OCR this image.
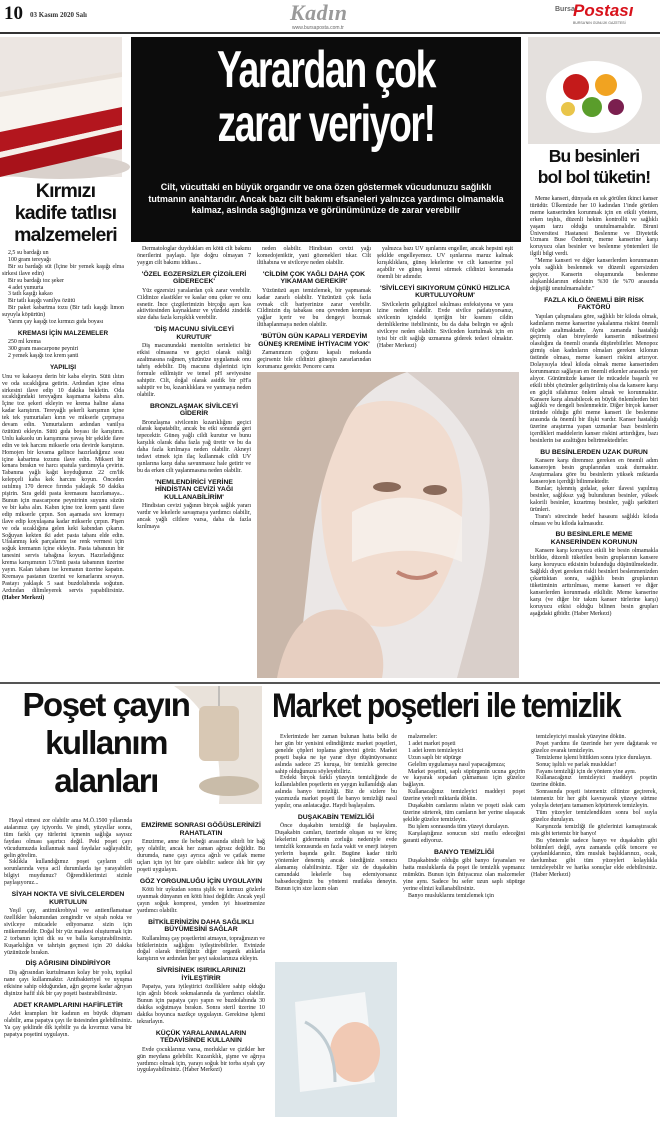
10 03 Kasım 2020 Salı	Kadın
www.bursaposta.com.tr
Bursa
Postası
BURSA'NIN GÜNLÜK GAZETESİ
Kırmızı
kadife tatlısı
malzemeleri

2,5 su bardağı un

100 gram tereyağı

Bir su bardağı süt (İçine bir yemek kaşığı elma sirkesi ilave edin)

Bir su bardağı toz şeker

4 adet yumurta

3 tatlı kaşığı kakao

Bir tatlı kaşığı vanilya özütü

Bir paket kabartma tozu (Bir tatlı kaşığı limon suyuyla köpürtün)

Yarım çay kaşığı toz kırmızı gıda boyası

KREMASI İÇİN MALZEMELER

250 ml krema

300 gram mascarpone peyniri

2 yemek kaşığı toz krem şanti

YAPILIŞI

Unu ve kakaoyu derin bir kaba eleyin. Sütü ılıtın ve oda sıcaklığına getirin. Ardından içine elma sirkesini ilave edip 10 dakika bekletin. Oda sıcaklığındaki tereyağını kaşımama kabına alın. İçine toz şekeri ekleyin ve krema haline alana kadar karıştırın. Tereyağlı şekerli karışımın içine tek tek yumurtaları kırın ve mikserle çırpmaya devam edin. Yumurtaların ardından vanilya özütünü ekleyin. Sütü gıda boyası ile karıştırın. Unlu kakaolu un karışımına yavaş bir şekilde ilave edin ve tek harcını mikserle orta devirde karıştırın. Homojen bir kıvama gelince hazırladığınız sosu içine kabartma tozunu ilave edin. Mikseri bir kenara bırakın ve harcı spatula yardımıyla çevirin. Tabanına yağlı kağıt koyduğunuz 22 cm'lik kelepçeli kaba kek harcını koyun. Önceden ısıtılmış 170 derece fırında yaklaşık 50 dakika pişirin. Sıra geldi pasta kremasını hazırlamaya... Bunun için mascarpone peynirinin suyunu süzün ve bir kaba alın. Kabın içine toz krem şanti ilave edip mikserle çırpın. Son aşamada sıvı kremayı ilave edip koyulaşana kadar mikserle çırpın. Pişen ve oda sıcaklığına gelen keki kabından çıkarın. Soğuyan kekten iki adet pasta tabanı elde edin. Ufalanmış kek parçalarını ise renk vermesi için soğuk kremanın içine ekleyin. Pasta tabanının bir tanesini servis tabağına koyun. Hazırladığınız krema karışımının 1/3'ünü pasta tabanının üzerine yayın. Kalan tabanı ise kremanın üzerine kapatın. Kremaya pastanın üzerini ve kenarlarını sıvayın. Pastayı yaklaşık 5 saat buzdolabında soğutun. Ardından dilimleyerek servis yapabilirsiniz. (Haber Merkezi)

Yarardan çok
zarar veriyor!
Cilt, vücuttaki en büyük organdır ve ona özen göstermek vücudunuzu sağlıklı tutmanın anahtarıdır. Ancak bazı cilt bakımı efsaneleri yalnızca yardımcı olmamakla kalmaz, aslında sağlığınıza ve görünümünüze de zarar verebilir

Dermatologlar duydukları en kötü cilt bakımı önerilerini paylaştı. İşte doğru olmayan 7 yaygın cilt bakımı iddiası...

'ÖZEL EGZERSİZLER ÇİZGİLERİ GİDERECEK'

Yüz egzersizi yaralardan çok zarar verebilir. Cildinize elastikler ve kaslar onu çeker ve onu esnetir. İnce çizgilerimizin birçoğu aşırı kas aktivitesinden kaynaklanır ve yüzdeki zindelik size daha fazla kırışıklık verebilir.

'DİŞ MACUNU SİVİLCEYİ KURUTUR'

Diş macunundaki mentolün serinletici bir etkisi olmasına ve geçici olarak sisliği azaltmasına rağmen, yüzünüze uygulamak onu tahriş edebilir. Diş macunu dişlerinizi için formule edilmiştir ve temel pH seviyesine sahiptir. Cilt, doğal olarak asidik bir pH'a sahiptir ve bu, kızarıklıklara ve yanmaya neden olabilir.

BRONZLAŞMAK SİVİLCEYİ GİDERİR

Bronzlaşma sivilcenin kızarıklığını geçici olarak kapatabilir, ancak bu etki sonunda geri tepecektir. Güneş yağlı cildi kurutur ve bunu karşılık olarak daha fazla yağ üretir ve bu da daha fazla kırılmaya neden olabilir. Akneyi tedavi etmek için ilaç kullanmak cildi UV ışınlarına karşı daha savunmasız hale getirir ve bu da erken cilt yaşlanmasına neden olabilir.

'NEMLENDİRİCİ YERİNE HİNDİSTAN CEVİZİ YAĞI KULLANABİLİRİM'

Hindistan cevizi yağının birçok sağlık yararı vardır ve lekelerle savaşmaya yardımcı olabilir, ancak yağlı ciltlere varsa, daha da fazla kırılmaya

neden olabilir. Hindistan cevizi yağı komedojeniktir, yani gözenekleri tıkar. Cilt iltihabına ve sivilceye neden olabilir.

'CİLDİM ÇOK YAĞLI DAHA ÇOK YIKAMAM GEREKİR'

Yüzünüzü aşırı temizlemek, bir yapmamak kadar zararlı olabilir. Yüzünüzü çok fazla ovmak cilt bariyerinize zarar verebilir. Cildinizin dış tabakası onu çevreden koruyan yağlar içerir ve bu dengeyi bozmak iltihaplanmaya neden olabilir.

'BÜTÜN GÜN KAPALI YERDEYİM GÜNEŞ KREMİNE İHTİYACIM YOK'

Zamanınızın çoğunu kapalı mekanda geçirseniz bile cildinizi güneşin zararlarından korumanız gerekir. Pencere camı

yalnızca bazı UV ışınlarını engeller, ancak hepsini eşit şekilde engelleyemez. UV ışınlarına maruz kalmak kırışıklıklara, güneş lekelerine ve cilt kanserine yol açabilir ve güneş kremi sürmek cildinizi korumada önemli bir adımdır.

'SİVİLCEYİ SIKIYORUM ÇÜNKÜ HIZLICA KURTULUYORUM'

Sivilcelerin gelişigüzel sıkılması enfeksiyona ve yara izine neden olabilir. Evde sivilce patlatıyorsanız, sivilcenin içindeki içeriğin bir kısmını cildin derinliklerine itebilirsiniz, bu da daha belirgin ve ağrılı sivilceye neden olabilir. Sivilceden kurtulmak için en iyisi bir cilt sağlığı uzmanına giderek tedavi olmaktır. (Haber Merkezi)

Bu besinleri
bol bol tüketin!

Meme kanseri, dünyada en sık görülen ikinci kanser türüdür. Ülkemizde her 10 kadından 1'inde görülen meme kanserinden korunmak için en etkili yöntem, erken teşhis, düzenli hekim kontrollü ve sağlıklı yaşam tarzı olduğu unutulmamalıdır. Biruni Üniversitesi Hastanesi Beslenme ve Diyetetik Uzmanı Buse Özdemir, meme kanserine karşı koruyucu olan besinler ve beslenme yöntemleri ile ilgili bilgi verdi.

"Meme kanseri ve diğer kanserlerden korunmanın yolu sağlıklı beslenmek ve düzenli egzersizden geçiyor. Kanserin oluşumunda beslenme alışkanlıklarının etkisinin %30 ile %70 arasında değiştiği unutulmamalıdır."

FAZLA KİLO ÖNEMLİ BİR RİSK FAKTÖRÜ

Yapılan çalışmalara göre, sağlıklı bir kiloda olmak, kadınların meme kanserine yakalanma riskini önemli ölçüde azaltmaktadır. Aynı zamanda hastalığı geçirmiş olan bireylerde kanserin nüksetmesi olasılığını da önemli oranda düşürebilirler. Menopoz girmiş olan kadınların olmaları gereken kilonun üstünde olması, meme kanseri riskini artırıyor. Dolayısıyla ideal kiloda olmak meme kanserinden korunmanızı sağlayan en önemli etkenler arasında yer alıyor. Günümüzde kanser ile mücadele başarılı ve etkili tıbbi çözümler geliştirilmiş olsa da kansere karşı en güçlü silahımız önlem almak ve korunmaktır. Kansere karşı alınabilecek en büyük önlemlerden biri sağlıklı ve dengeli beslenmektir. Diğer birçok kanser türünde olduğu gibi meme kanseri ile beslenme arasında da önemli bir ilişki vardır. Kanser hastalığı üzerine araştırma yapan uzmanlar bazı besinlerin içerdikleri maddelerin kanser riskini arttırdığını, bazı besinlerin ise azalttığını belirtmektedirler.

BU BESİNLERDEN UZAK DURUN

Kansere karşı direnmez gereken en önemli adım kanserojen besin gruplarından uzak durmaktır. Araştırmalara göre bu besinlerin yüksek miktarda kanserojen içerdiği bilinmektedir.

Bunlar; işlenmiş gıdalar, şeker ilavesi yapılmış besinler, sağlıksız yağ bulunduran besinler, yüksek kalorili besinler, kızartmış besinler, yağlı şarküteri ürünleri.

Trans'ı sürecinde hedef hasasını sağlıklı kiloda olması ve bu kiloda kalmasıdır.

BU BESİNLERLE MEME KANSERİNDEN KORUNUN

Kansere karşı koruyucu etkili bir besin olmamakla birlikte, düzenli tüketilen besin gruplarının kansere karşı koruyucu etkisinin bulunduğu düşünülmektedir. Sağlıklı diyet gereken riskli besinleri beslenmenizden çıkarttıktan sonra, sağlıklı besin gruplarının tüketiminin arttırılması, meme kanseri ve diğer kanserlerden korunmada etkilidir. Meme kanserine karşı (ve diğer bir takım kanser türlerine karşı) koruyucu etkisi olduğu bilinen besin grupları aşağıdaki gibidir. (Haber Merkezi)

Poşet çayın
kullanım
alanları

Hayal etmesi zor olabilir ama M.Ö.1500 yıllarında atalarımız çay içiyordu. Ve şimdi, yüzyıllar sonra, tüm farklı çay türlerini içmenin sağlığa sayısız faydası olması şaşırtıcı değil. Peki poşet çayı vücudumuzda kullanmak nasıl faydalar sağlayabilir, gelin görelim.

Sıklıkla kullandığımız poşet çayların cilt sorunlarında veya acil durumlarda işe yarayabilen bilgiyi muydunuz? Öğrendiklerimizi sizinle paylaşıyoruz...

SİYAH NOKTA VE SİVİLCELERDEN KURTULUN

Yeşil çay, antimikrobiyal ve antienflamatuar özellikler bakımından zengindir ve siyah nokta ve sivilceye mücadele ediyorsanız sizin için mükemmeldir. Doğal bir yüz maskesi oluşturmak için 2 torbanın içini dik su ve balla karıştırabilirsiniz. Kuşarkılığın ve tahrişin geçmesi için 20 dakika yüzünüzde bırakın.

DİŞ AĞRISINI DİNDİRİYOR

Diş ağrısından kurtulmanın kolay bir yolu, topikal nane çayı kullanmaktır. Antibakteriyel ve uyuşma etkisine sahip olduğundan, ağrı geçene kadar ağrıyan dişinize hafif ılık bir çay poşeti bastırabilirsiniz.

ADET KRAMPLARINI HAFİFLETİR

Adet krampları bir kadının en büyük düşmanı olabilir, ama papatya çayı ile üstesinden gelebilirsiniz. Ya çay şeklinde dik içebilir ya da kıvırmız varsa bir papatya poşetini uygulayın.

EMZİRME SONRASI GÖĞÜSLERİNİZİ RAHATLATIN

Emzirme, anne ile bebeği arasında sihirli bir bağ şey olabilir, ancak her zaman ağrısız değildir. Bu durumda, nane çayı ayrıca ağrılı ve çatlak meme uçları için iyi bir çare olabilir: sadece ılık bir çay poşeti uygulayın.

GÖZ YORGUNLUĞU İÇİN UYGULAYIN

Kötü bir uykudan sonra şişlik ve kırmızı gözlerle uyanmak dünyanın en kötü hissi değildir. Ancak yeşil çayın soğuk kompresi, yenden iyi hissetmenize yardımcı olabilir.

BİTKİLERİNİZİN DAHA SAĞLIKLI BÜYÜMESİNİ SAĞLAR

Kullanılmış çay poşetlerini atmayın, toprağınızın ve bitkilerinizin sağlığını iyileştirebilirler. Evinizde doğal olarak ürettiğiniz diğer organik atıklarla karıştırın ve ardından her şeyi saksılarınıza ekleyin.

SİVRİSİNEK ISIRIKLARINIZI İYİLEŞTİRİR

Papatya, yara iyileştirici özelliklere sahip olduğu için ağrılı böcek sokmalarında da yardımcı olabilir. Bunun için papatya çayı yapın ve buzdolabında 30 dakika soğutmaya bırakın. Sonra steril üzerine 10 dakika boyunca nazikçe uygulayın. Gerekirse işlemi tekrarlayın.

KÜÇÜK YARALANMALARIN TEDAVİSİNDE KULLANIN

Evde çocuklarınız varsa, morluklar ve çizikler her gün meydana gelebilir. Kuzarıklık, şişme ve ağrıya yardımcı olmak için, yarayı soğuk bir torba siyah çay uygulayabilirsiniz. (Haber Merkezi)

Market poşetleri ile temizlik

Evlerimizde her zaman bulunan hatta belki de her gün bir yenisini edindiğimiz market poşetleri, genelde çöpleri toplama görevini görür. Market poşeti başka ne işe yarar diye düşünüyorsanız aslında sadece 25 kuruşa, bir temizlik gerecine sahip olduğunuzu söyleyebiliriz.

Evdeki birçok farklı yüzeyin temizliğinde de kullanılabilen poşetlerin en yaygın kullanıldığı alan aslında banyo temizliği. Biz de sizlere bu yazımızda market poşeti ile banyo temizliği nasıl yapılır, ona anlatacağız. Haydi başlayalım.

DUŞAKABİN TEMİZLİĞİ

Önce duşakabin temizliği ile başlayalım. Duşakabin camları, üzerinde oluşan su ve kireç lekelerini gidermenin zorluğu nedeniyle evde temizlik konusunda en fazla vakit ve enerji isteyen yerlerin başında gelir. Bugüne kadar türlü yöntemler denemiş ancak istediğiniz sonucu alamamış olabilirsiniz. Eğer siz de duşakabin camındaki lekelerle baş edemiyorsanız bahsedeceğimiz bu yöntemi mutlaka deneyin. Bunun için size lazım olan

malzemeler:

1 adet market poşeti

1 adet krem temizleyici

Uzun saplı bir süpürge

Gelelim uygulamaya nasıl yapacağımıza;

Market poşetini, saplı süpürgenin ucuna geçirin ve kayarak sopadan çıkmaması için güzelce bağlayın.

Kullanacağınız temizleyici maddeyi poşet üzerine yeterli miktarda dökün.

Duşakabin camlarını ıslatın ve poşeti ıslak cam üzerine sürterek, tüm camların her yerine ulaşacak şekilde güzelce temizleyin.

Bu işlem sonrasında tüm yüzeyi durulayın.

Karşılaştığınız sonucun sizi mutlu edeceğini garanti ediyoruz.

BANYO TEMİZLİĞİ

Duşakabinde olduğu gibi banyo fayansları ve hatta musluklarda da poşet ile temizlik yapmanız mümkün. Bunun için ihtiyacınız olan malzemeler yine aynı. Sadece bu sefer uzun saplı süpürge yerine elinizi kullanabilirsiniz.

Banyo musluklarını temizlemek için

temizleyiciyi musluk yüzeyine dökün.

Poşet yardımı ile üzerinde her yere dağıtarak ve güzelce ovarak temizleyin.

Temizleme işlemi bittikten sonra iyice durulayın.

Sonuç işıltılı ve parlak musluklar!

Fayans temizliği için de yöntem yine aynı.

Kullanacağınız temizleyici maddeyi poşetin üzerine dökün.

Sonrasında poşeti istemeniz ciltinize geçirerek, istemeniz bir her gibi kavrayarak yüzeye sürtme yoluyla deterjanı tamamen köpürterek temizleyin.

Tüm yüzeyler temizlendikten sonra bol suyla güzelce durulayın.

Karşınızda temizliği ile gözlerinizi kamaştıracak mis gibi tertemiz bir banyo!

Bu yöntemle sadece banyo ve duşakabin gibi bölümleri değil, aynı zamanda çelik tencere ve çaydanlıklarınızı, tüm musluk başlıklarınızı, ocak, davlumbaz gibi tüm yüzeyleri kolaylıkla temizleyebilir ve harika sonuçlar elde edebilirsiniz. (Haber Merkezi)
